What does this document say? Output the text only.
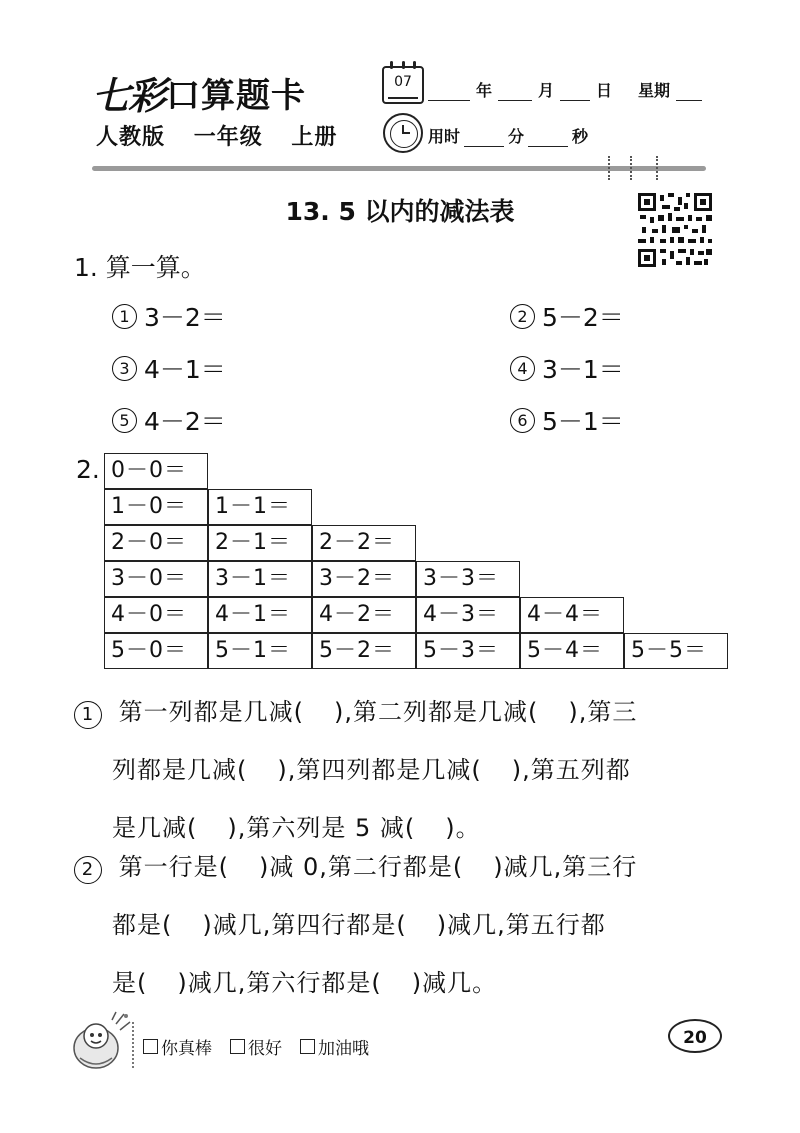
七彩 口算题卡
人教版 一年级 上册
07	年	月	日 星期
用时	分	秒
13. 5 以内的减法表
1. 算一算。
1 3－2＝	2 5－2＝
3 4－1＝	4 3－1＝
5 4－2＝	6 5－1＝
2. 0－0＝
1－0＝	1－1＝
2－0＝	2－1＝	2－2＝
3－0＝	3－1＝	3－2＝	3－3＝
4－0＝	4－1＝	4－2＝	4－3＝	4－4＝
5－0＝	5－1＝	5－2＝	5－3＝	5－4＝	5－5＝
1 第一列都是几减( ),第二列都是几减( ),第三
列都是几减( ),第四列都是几减( ),第五列都
是几减( ),第六列是 5 减( )。
2 第一行是( )减 0,第二行都是( )减几,第三行
都是( )减几,第四行都是( )减几,第五行都
是( )减几,第六行都是( )减几。
你真棒 很好 加油哦
20
